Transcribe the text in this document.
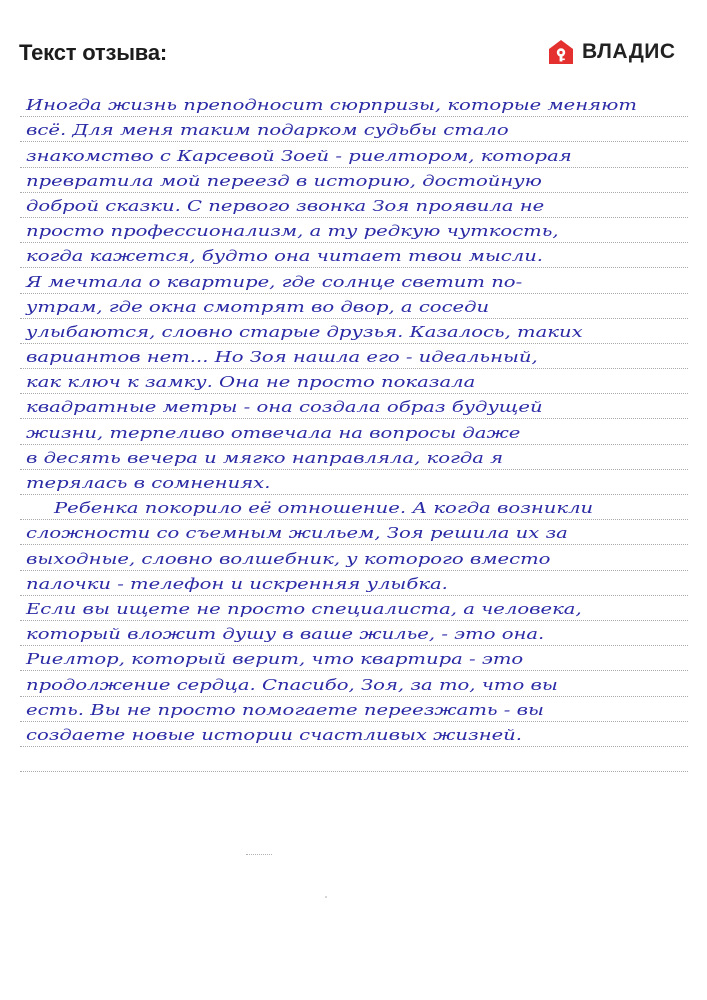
Текст отзыва:	ВЛАДИС
Иногда жизнь преподносит сюрпризы, которые меняют
всё. Для меня таким подарком судьбы стало
знакомство с Карсевой Зоей - риелтором, которая
превратила мой переезд в историю, достойную
доброй сказки. С первого звонка Зоя проявила не
просто профессионализм, а ту редкую чуткость,
когда кажется, будто она читает твои мысли.
Я мечтала о квартире, где солнце светит по-
утрам, где окна смотрят во двор, а соседи
улыбаются, словно старые друзья. Казалось, таких
вариантов нет... Но Зоя нашла его - идеальный,
как ключ к замку. Она не просто показала
квадратные метры - она создала образ будущей
жизни, терпеливо отвечала на вопросы даже
в десять вечера и мягко направляла, когда я
терялась в сомнениях.
Ребенка покорило её отношение. А когда возникли
сложности со съемным жильем, Зоя решила их за
выходные, словно волшебник, у которого вместо
палочки - телефон и искренняя улыбка.
Если вы ищете не просто специалиста, а человека,
который вложит душу в ваше жилье, - это она.
Риелтор, который верит, что квартира - это
продолжение сердца. Спасибо, Зоя, за то, что вы
есть. Вы не просто помогаете переезжать - вы
создаете новые истории счастливых жизней.
